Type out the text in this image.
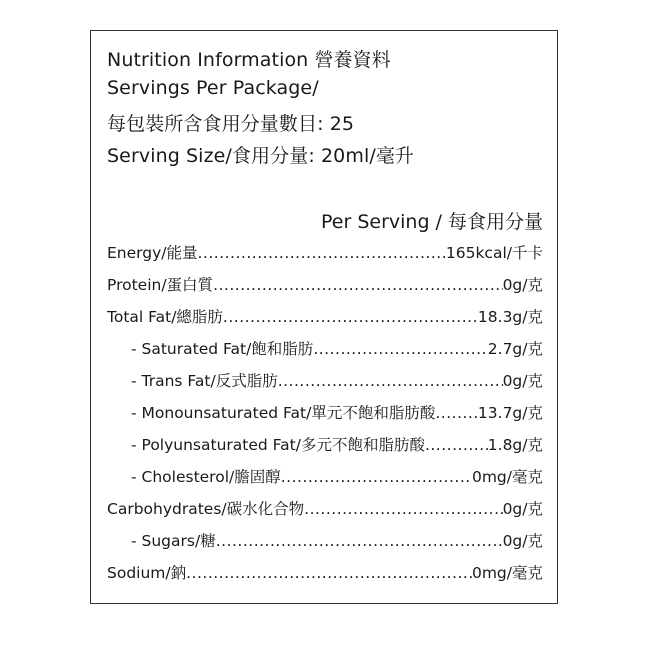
Nutrition Information 營養資料
Servings Per Package/
每包裝所含食用分量數目: 25
Serving Size/食用分量: 20ml/毫升
Per Serving / 每食用分量
Energy/能量 .....	165kcal/千卡
Protein/蛋白質 .....	0g/克
Total Fat/總脂肪 .....	18.3g/克
- Saturated Fat/飽和脂肪 .....	2.7g/克
- Trans Fat/反式脂肪 .....	0g/克
- Monounsaturated Fat/單元不飽和脂肪酸 .....	13.7g/克
- Polyunsaturated Fat/多元不飽和脂肪酸 .....	1.8g/克
- Cholesterol/膽固醇 .....	0mg/毫克
Carbohydrates/碳水化合物 .....	0g/克
- Sugars/糖 .....	0g/克
Sodium/鈉 .....	0mg/毫克
